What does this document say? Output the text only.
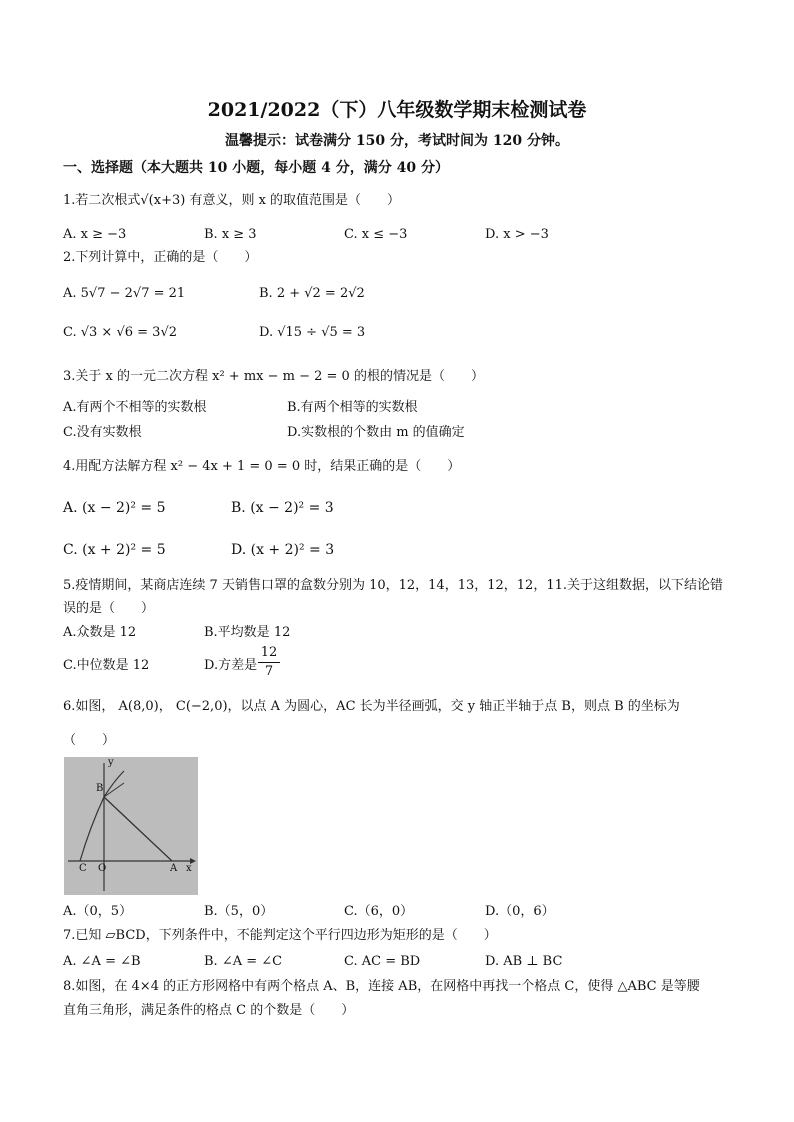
2021/2022（下）八年级数学期末检测试卷
温馨提示：试卷满分 150 分，考试时间为 120 分钟。
一、选择题（本大题共 10 小题，每小题 4 分，满分 40 分）
1.若二次根式√(x+3) 有意义，则 x 的取值范围是（　　）
A. x ≥ −3	B. x ≥ 3	C. x ≤ −3	D. x > −3
2.下列计算中，正确的是（　　）
A. 5√7 − 2√7 = 21	B. 2 + √2 = 2√2
C. √3 × √6 = 3√2	D. √15 ÷ √5 = 3
3.关于 x 的一元二次方程 x² + mx − m − 2 = 0 的根的情况是（　　）
A.有两个不相等的实数根	B.有两个相等的实数根
C.没有实数根	D.实数根的个数由 m 的值确定
4.用配方法解方程 x² − 4x + 1 = 0 = 0 时，结果正确的是（　　）
A. (x − 2)² = 5	B. (x − 2)² = 3
C. (x + 2)² = 5	D. (x + 2)² = 3
5.疫情期间，某商店连续 7 天销售口罩的盒数分别为 10，12，14，13，12，12，11.关于这组数据，以下结论错
误的是（　　）
A.众数是 12	B.平均数是 12
C.中位数是 12	D.方差是
12
7
6.如图， A(8,0)， C(−2,0)，以点 A 为圆心，AC 长为半径画弧，交 y 轴正半轴于点 B，则点 B 的坐标为
（　　）
B
C O	A x
y
A.（0，5）	B.（5，0）	C.（6，0）	D.（0，6）
7.已知 ▱BCD，下列条件中，不能判定这个平行四边形为矩形的是（　　）
A. ∠A = ∠B	B. ∠A = ∠C	C. AC = BD	D. AB ⊥ BC
8.如图，在 4×4 的正方形网格中有两个格点 A、B，连接 AB，在网格中再找一个格点 C，使得 △ABC 是等腰
直角三角形，满足条件的格点 C 的个数是（　　）
